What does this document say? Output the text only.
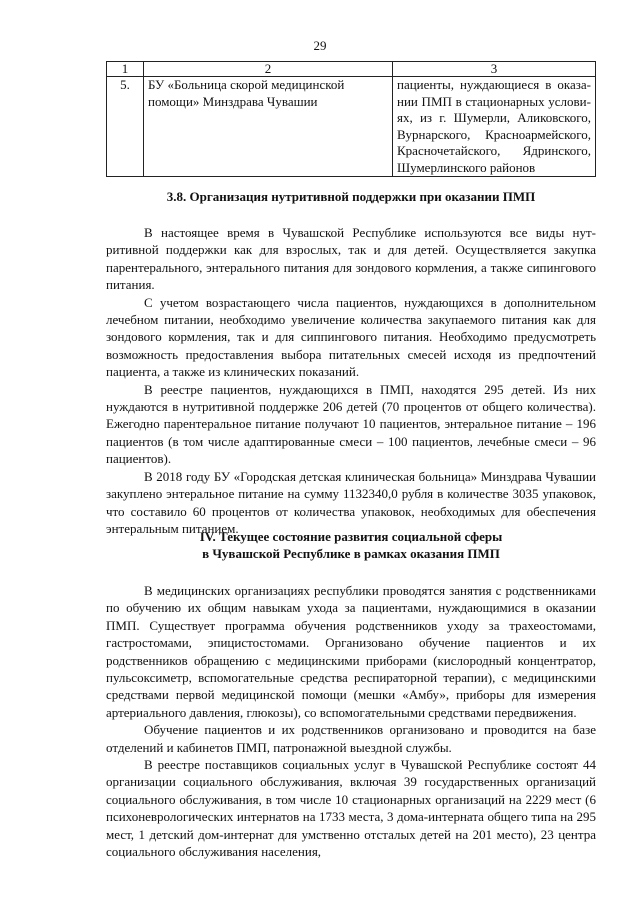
29
1	2	3
5.	БУ «Больница скорой медицинской помощи» Минздрава Чувашии	пациенты, нуждающиеся в оказании ПМП в стационарных условиях, из г. Шумерли, Аликовского, Вурнарского, Красноармейского, Красночетайского, Ядринского, Шумерлинского районов
3.8. Организация нутритивной поддержки при оказании ПМП

В настоящее время в Чувашской Республике используются все виды нутритивной поддержки как для взрослых, так и для детей. Осуществляется закупка парентерального, энтерального питания для зондового кормления, а также сипингового питания.

С учетом возрастающего числа пациентов, нуждающихся в дополнительном лечебном питании, необходимо увеличение количества закупаемого питания как для зондового кормления, так и для сиппингового питания. Необходимо предусмотреть возможность предоставления выбора питательных смесей исходя из предпочтений пациента, а также из клинических показаний.

В реестре пациентов, нуждающихся в ПМП, находятся 295 детей. Из них нуждаются в нутритивной поддержке 206 детей (70 процентов от общего количества). Ежегодно парентеральное питание получают 10 пациентов, энтеральное питание – 196 пациентов (в том числе адаптированные смеси – 100 пациентов, лечебные смеси – 96 пациентов).

В 2018 году БУ «Городская детская клиническая больница» Минздрава Чувашии закуплено энтеральное питание на сумму 1132340,0 рубля в количестве 3035 упаковок, что составило 60 процентов от количества упаковок, необходимых для обеспечения энтеральным питанием.

IV. Текущее состояние развития социальной сферы
в Чувашской Республике в рамках оказания ПМП

В медицинских организациях республики проводятся занятия с родственниками по обучению их общим навыкам ухода за пациентами, нуждающимися в оказании ПМП. Существует программа обучения родственников уходу за трахеостомами, гастростомами, эпицистостомами. Организовано обучение пациентов и их родственников обращению с медицинскими приборами (кислородный концентратор, пульсоксиметр, вспомогательные средства респираторной терапии), с медицинскими средствами первой медицинской помощи (мешки «Амбу», приборы для измерения артериального давления, глюкозы), со вспомогательными средствами передвижения.

Обучение пациентов и их родственников организовано и проводится на базе отделений и кабинетов ПМП, патронажной выездной службы.

В реестре поставщиков социальных услуг в Чувашской Республике состоят 44 организации социального обслуживания, включая 39 государственных организаций социального обслуживания, в том числе 10 стационарных организаций на 2229 мест (6 психоневрологических интернатов на 1733 места, 3 дома-интерната общего типа на 295 мест, 1 детский дом-интернат для умственно отсталых детей на 201 место), 23 центра социального обслуживания населения,
